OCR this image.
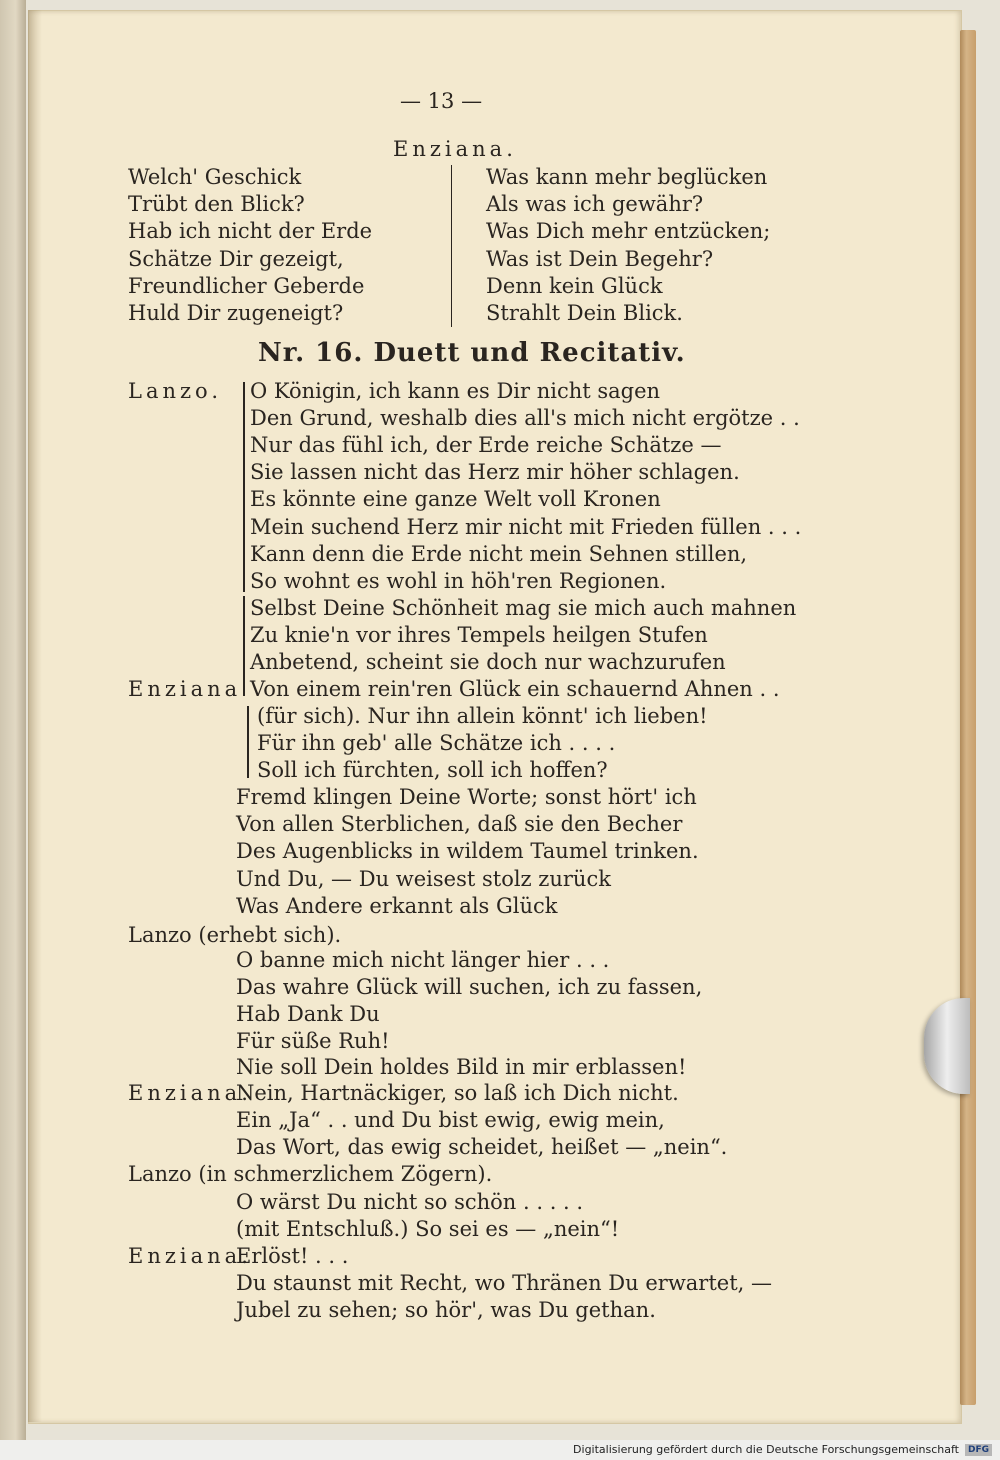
— 13 —
Enziana.
Welch' Geschick
Trübt den Blick?
Hab ich nicht der Erde
Schätze Dir gezeigt,
Freundlicher Geberde
Huld Dir zugeneigt?
Was kann mehr beglücken
Als was ich gewähr?
Was Dich mehr entzücken;
Was ist Dein Begehr?
Denn kein Glück
Strahlt Dein Blick.
Nr. 16. Duett und Recitativ.
Lanzo.
Enziana
Lanzo (erhebt sich).
Enziana.
Lanzo (in schmerzlichem Zögern).
Enziana.
O Königin, ich kann es Dir nicht sagen
Den Grund, weshalb dies all's mich nicht ergötze . .
Nur das fühl ich, der Erde reiche Schätze —
Sie lassen nicht das Herz mir höher schlagen.
Es könnte eine ganze Welt voll Kronen
Mein suchend Herz mir nicht mit Frieden füllen . . .
Kann denn die Erde nicht mein Sehnen stillen,
So wohnt es wohl in höh'ren Regionen.
Selbst Deine Schönheit mag sie mich auch mahnen
Zu knie'n vor ihres Tempels heilgen Stufen
Anbetend, scheint sie doch nur wachzurufen
Von einem rein'ren Glück ein schauernd Ahnen . .
(für sich). Nur ihn allein könnt' ich lieben!
Für ihn geb' alle Schätze ich . . . .
Soll ich fürchten, soll ich hoffen?
Fremd klingen Deine Worte; sonst hört' ich
Von allen Sterblichen, daß sie den Becher
Des Augenblicks in wildem Taumel trinken.
Und Du, — Du weisest stolz zurück
Was Andere erkannt als Glück
O banne mich nicht länger hier . . .
Das wahre Glück will suchen, ich zu fassen,
Hab Dank Du
Für süße Ruh!
Nie soll Dein holdes Bild in mir erblassen!
Nein, Hartnäckiger, so laß ich Dich nicht.
Ein „Ja“ . . und Du bist ewig, ewig mein,
Das Wort, das ewig scheidet, heißet — „nein“.
O wärst Du nicht so schön . . . . .
(mit Entschluß.) So sei es — „nein“!
Erlöst! . . .
Du staunst mit Recht, wo Thränen Du erwartet, —
Jubel zu sehen; so hör', was Du gethan.
Digitalisierung gefördert durch die Deutsche Forschungsgemeinschaft	DFG
